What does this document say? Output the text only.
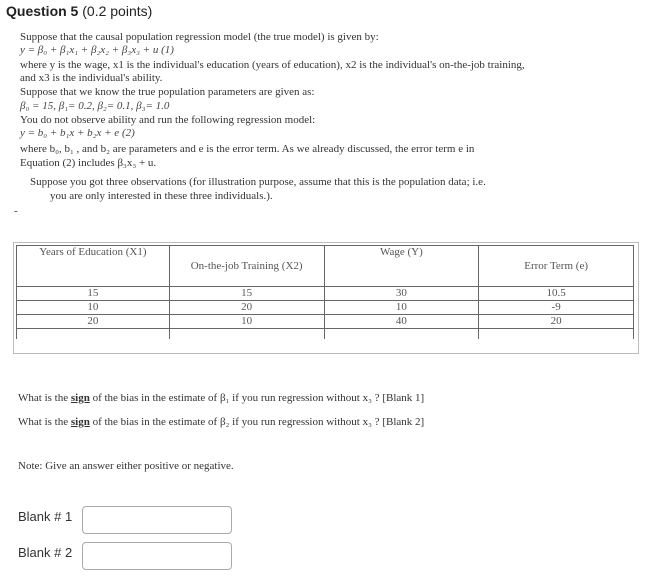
Question 5 (0.2 points)
Suppose that the causal population regression model (the true model) is given by:
y = β₀ + β₁x₁ + β₂x₂ + β₃x₃ + u (1)
where y is the wage, x1 is the individual's education (years of education), x2 is the individual's on-the-job training,
and x3 is the individual's ability.
Suppose that we know the true population parameters are given as:
β₀ = 15, β₁= 0.2, β₂= 0.1, β₃= 1.0
You do not observe ability and run the following regression model:
y = b₀ + b₁x + b₂x + e (2)
where b₀, b₁ , and b₂ are parameters and e is the error term. As we already discussed, the error term e in
Equation (2) includes β₃x₃ + u.
Suppose you got three observations (for illustration purpose, assume that this is the population data; i.e.
you are only interested in these three individuals.).
-
Years of Education (X1)	On-the-job Training (X2)	Wage (Y)	Error Term (e)
15	15	30	10.5
10	20	10	-9
20	10	40	20

What is the sign of the bias in the estimate of β₁ if you run regression without x₃ ? [Blank 1]
What is the sign of the bias in the estimate of β₂ if you run regression without x₃ ? [Blank 2]
Note: Give an answer either positive or negative.
Blank # 1
Blank # 2
